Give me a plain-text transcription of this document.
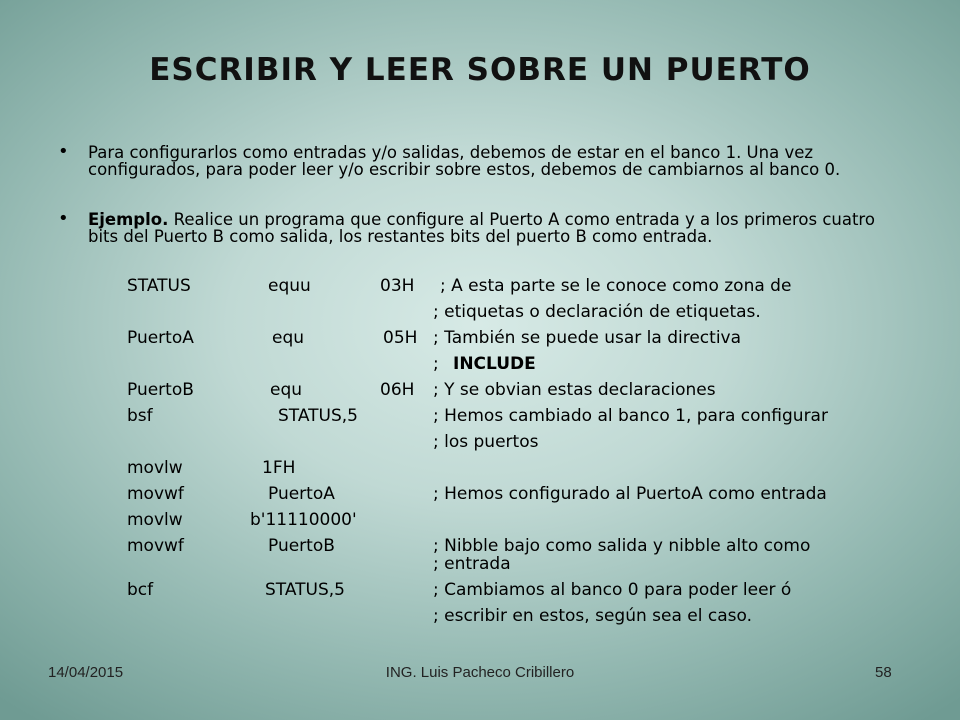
ESCRIBIR Y LEER SOBRE UN PUERTO
• Para configurarlos como entradas y/o salidas, debemos de estar en el banco 1. Una vez configurados, para poder leer y/o escribir sobre estos, debemos de cambiarnos al banco 0.
• Ejemplo. Realice un programa que configure al Puerto A como entrada y a los primeros cuatro bits del Puerto B como salida, los restantes bits del puerto B como entrada.
STATUS	equu	03H ; A esta parte se le conoce como zona de
; etiquetas o declaración de etiquetas.
PuertoA	equ	05H ; También se puede usar la directiva
; INCLUDE
PuertoB	equ	06H ; Y se obvian estas declaraciones
bsf	STATUS,5	; Hemos cambiado al banco 1, para configurar
; los puertos
movlw	1FH
movwf	PuertoA	; Hemos configurado al PuertoA como entrada
movlw	b'11110000'
movwf	PuertoB	; Nibble bajo como salida y nibble alto como
; entrada
bcf	STATUS,5	; Cambiamos al banco 0 para poder leer ó
; escribir en estos, según sea el caso.
14/04/2015	ING. Luis Pacheco Cribillero	58
